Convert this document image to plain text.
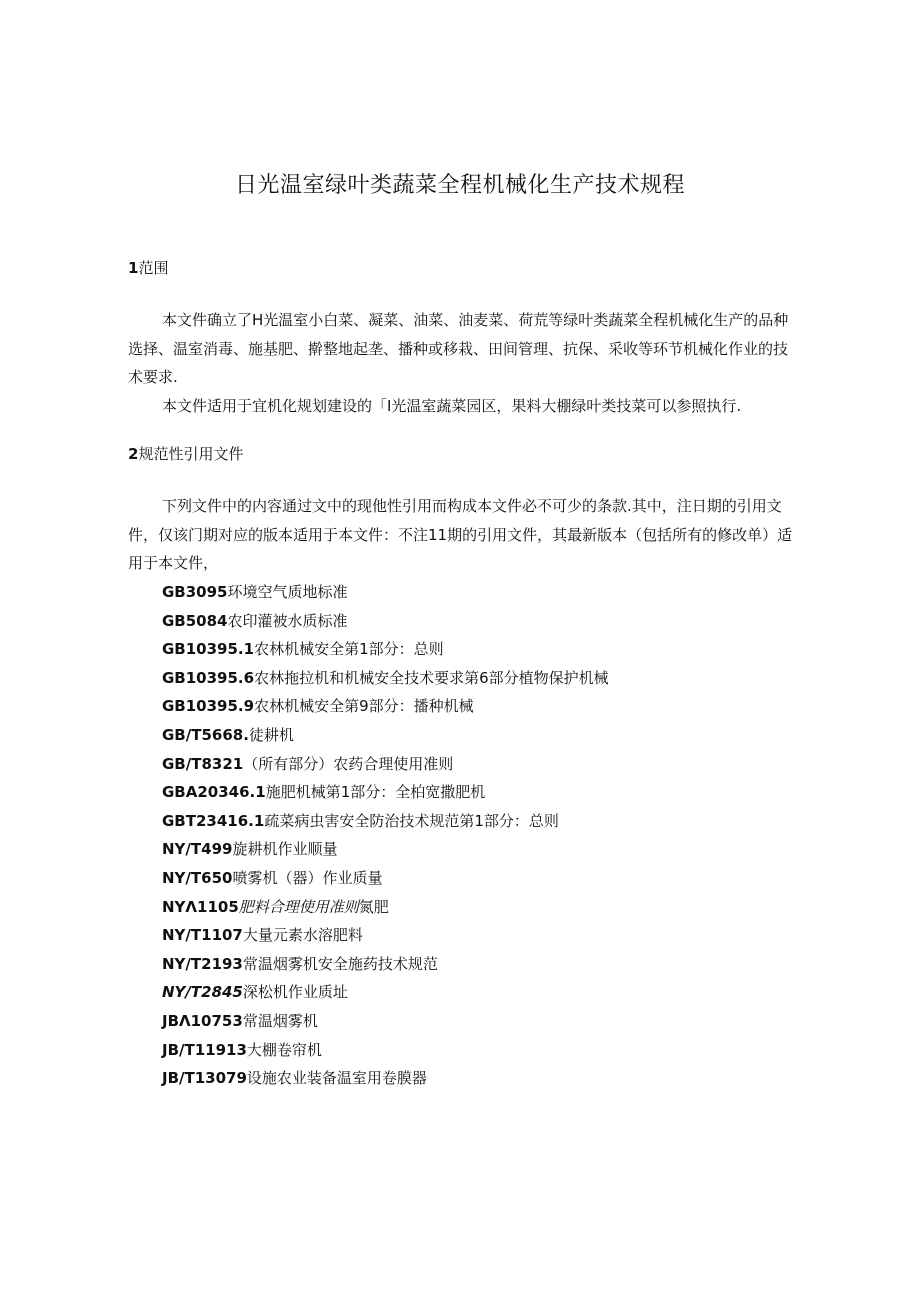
日光温室绿叶类蔬菜全程机械化生产技术规程

1范围

本文件确立了H光温室小白菜、凝菜、油菜、油麦菜、荷荒等绿叶类蔬菜全程机械化生产的品种选择、温室消毒、施基肥、擀整地起垄、播种或移栽、田间管理、抗保、采收等环节机械化作业的技术要求.

本文件适用于宜机化规划建设的「I光温室蔬菜园区，果料大棚绿叶类技菜可以参照执行.

2规范性引用文件

下列文件中的内容通过文中的现他性引用而构成本文件必不可少的条款.其中，注日期的引用文件，仅该门期对应的版本适用于本文件：不注11期的引用文件，其最新版本（包括所有的修改单）适用于本文件，

GB3095环境空气质地标准
GB5084农印灌被水质标准
GB10395.1农林机械安全第1部分：总则
GB10395.6农林拖拉机和机械安全技术要求第6部分植物保护机械
GB10395.9农林机械安全第9部分：播种机械
GB/T5668.徒耕机
GB/T8321（所有部分）农药合理使用准则
GBA20346.1施肥机械第1部分：全柏宽撒肥机
GBT23416.1疏菜病虫害安全防治技术规范第1部分：总则
NY/T499旋耕机作业顺量
NY/T650喷雾机（器）作业质量
NYΛ1105肥料合理使用准则氮肥
NY/T1107大量元素水溶肥料
NY/T2193常温烟雾机安全施药技术规范
NY/T2845深松机作业质址
JBΛ10753常温烟雾机
JB/T11913大棚卷帘机
JB/T13079设施农业装备温室用卷膜器
